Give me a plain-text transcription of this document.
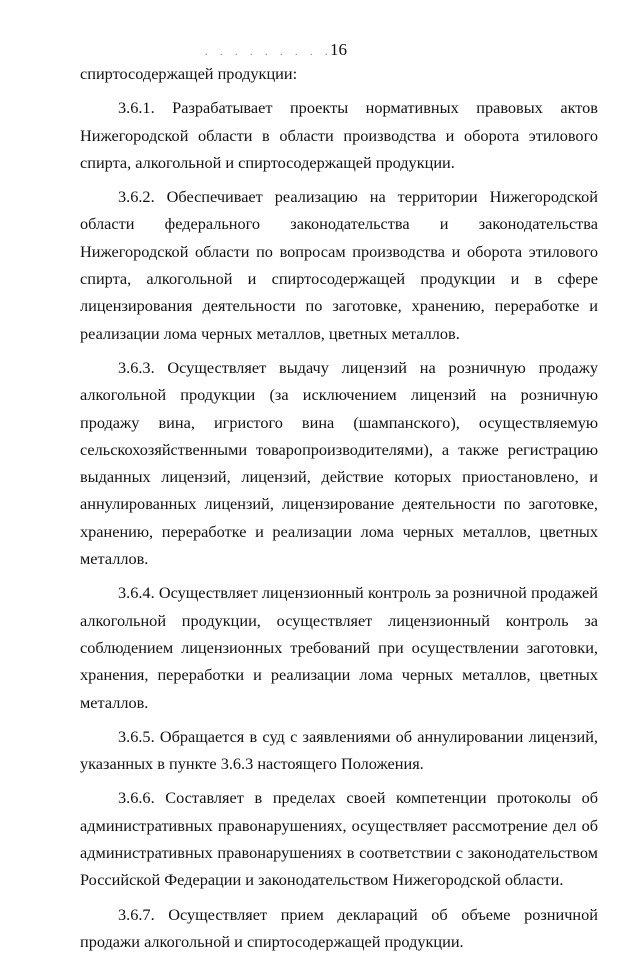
. . . . . . . . .
16

спиртосодержащей продукции:

3.6.1. Разрабатывает проекты нормативных правовых актов Нижегородской области в области производства и оборота этилового спирта, алкогольной и спиртосодержащей продукции.

3.6.2. Обеспечивает реализацию на территории Нижегородской области федерального законодательства и законодательства Нижегородской области по вопросам производства и оборота этилового спирта, алкогольной и спиртосодержащей продукции и в сфере лицензирования деятельности по заготовке, хранению, переработке и реализации лома черных металлов, цветных металлов.

3.6.3. Осуществляет выдачу лицензий на розничную продажу алкогольной продукции (за исключением лицензий на розничную продажу вина, игристого вина (шампанского), осуществляемую сельскохозяйственными товаропроизводителями), а также регистрацию выданных лицензий, лицензий, действие которых приостановлено, и аннулированных лицензий, лицензирование деятельности по заготовке, хранению, переработке и реализации лома черных металлов, цветных металлов.

3.6.4. Осуществляет лицензионный контроль за розничной продажей алкогольной продукции, осуществляет лицензионный контроль за соблюдением лицензионных требований при осуществлении заготовки, хранения, переработки и реализации лома черных металлов, цветных металлов.

3.6.5. Обращается в суд с заявлениями об аннулировании лицензий, указанных в пункте 3.6.3 настоящего Положения.

3.6.6. Составляет в пределах своей компетенции протоколы об административных правонарушениях, осуществляет рассмотрение дел об административных правонарушениях в соответствии с законодательством Российской Федерации и законодательством Нижегородской области.

3.6.7. Осуществляет прием деклараций об объеме розничной продажи алкогольной и спиртосодержащей продукции.
